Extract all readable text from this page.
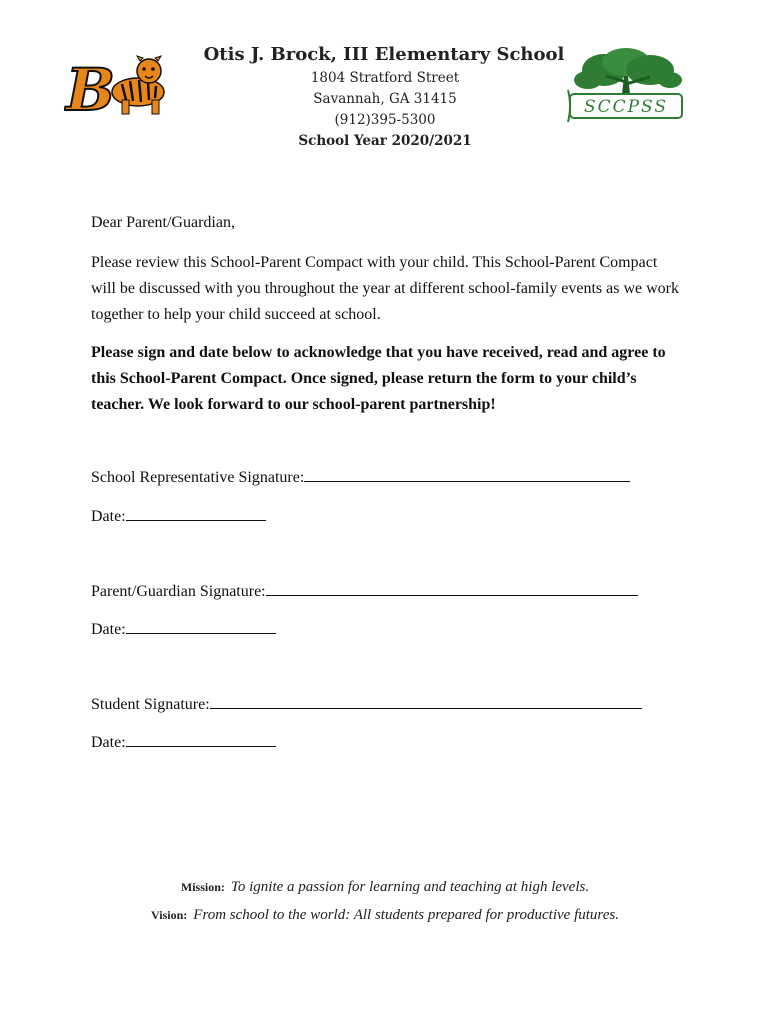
B	SCCPSS
Otis J. Brock, III Elementary School
1804 Stratford Street
Savannah, GA 31415
(912)395-5300
School Year 2020/2021
Dear Parent/Guardian,
Please review this School-Parent Compact with your child. This School-Parent Compact will be discussed with you throughout the year at different school-family events as we work together to help your child succeed at school.
Please sign and date below to acknowledge that you have received, read and agree to this School-Parent Compact. Once signed, please return the form to your child’s teacher. We look forward to our school-parent partnership!
School Representative Signature:
Date:
Parent/Guardian Signature:
Date:
Student Signature:
Date:
Mission: To ignite a passion for learning and teaching at high levels.
Vision: From school to the world: All students prepared for productive futures.
